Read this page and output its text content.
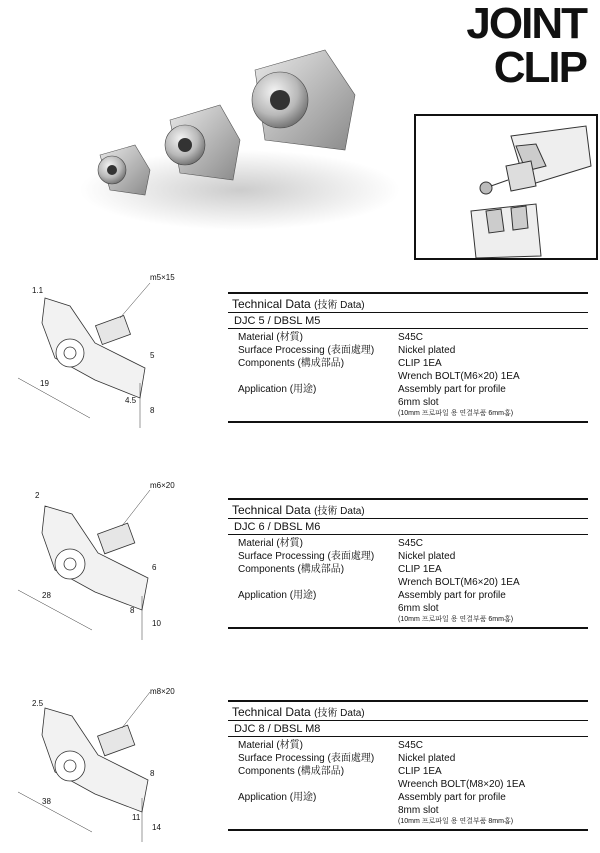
JOINT
CLIP
m5×15
1.1
5
19
4.5
8
Technical Data (技術 Data)
DJC 5 / DBSL M5
Material (材質)	S45C
Surface Processing (表面處理)	Nickel plated
Components (構成部品)	CLIP 1EA
Wrench BOLT(M6×20) 1EA
Application (用途)	Assembly part for profile
6mm slot
(10mm 프로파일 용 연결부품 6mm홈)
m6×20
2
6
28
8
10
Technical Data (技術 Data)
DJC 6 / DBSL M6
Material (材質)	S45C
Surface Processing (表面處理)	Nickel plated
Components (構成部品)	CLIP 1EA
Wrench BOLT(M6×20) 1EA
Application (用途)	Assembly part for profile
6mm slot
(10mm 프로파일 용 연결부품 6mm홈)
m8×20
2.5
8
38
11
14
Technical Data (技術 Data)
DJC 8 / DBSL M8
Material (材質)	S45C
Surface Processing (表面處理)	Nickel plated
Components (構成部品)	CLIP 1EA
Wreench BOLT(M8×20) 1EA
Application (用途)	Assembly part for profile
8mm slot
(10mm 프로파일 용 연결부품 8mm홈)
